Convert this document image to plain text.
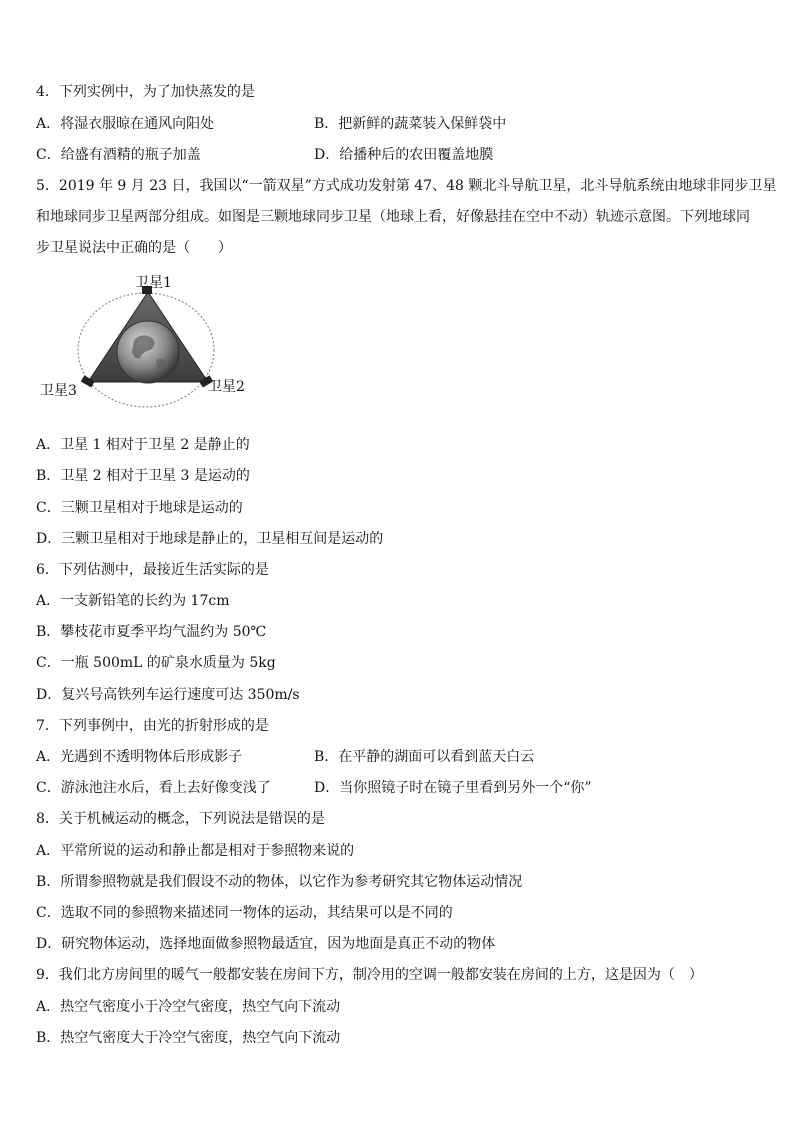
4．下列实例中，为了加快蒸发的是
A．将湿衣服晾在通风向阳处	B．把新鲜的蔬菜装入保鲜袋中
C．给盛有酒精的瓶子加盖	D．给播种后的农田覆盖地膜
5．2019 年 9 月 23 日，我国以“一箭双星”方式成功发射第 47、48 颗北斗导航卫星，北斗导航系统由地球非同步卫星
和地球同步卫星两部分组成。如图是三颗地球同步卫星（地球上看，好像悬挂在空中不动）轨迹示意图。下列地球同
步卫星说法中正确的是（　　）
卫星1
卫星2
卫星3
A．卫星 1 相对于卫星 2 是静止的
B．卫星 2 相对于卫星 3 是运动的
C．三颗卫星相对于地球是运动的
D．三颗卫星相对于地球是静止的，卫星相互间是运动的
6．下列估测中，最接近生活实际的是
A．一支新铅笔的长约为 17cm
B．攀枝花市夏季平均气温约为 50℃
C．一瓶 500mL 的矿泉水质量为 5kg
D．复兴号高铁列车运行速度可达 350m/s
7．下列事例中，由光的折射形成的是
A．光遇到不透明物体后形成影子	B．在平静的湖面可以看到蓝天白云
C．游泳池注水后，看上去好像变浅了	D．当你照镜子时在镜子里看到另外一个“你”
8．关于机械运动的概念，下列说法是错误的是
A．平常所说的运动和静止都是相对于参照物来说的
B．所谓参照物就是我们假设不动的物体，以它作为参考研究其它物体运动情况
C．选取不同的参照物来描述同一物体的运动，其结果可以是不同的
D．研究物体运动，选择地面做参照物最适宜，因为地面是真正不动的物体
9．我们北方房间里的暖气一般都安装在房间下方，制冷用的空调一般都安装在房间的上方，这是因为（　）
A．热空气密度小于冷空气密度，热空气向下流动
B．热空气密度大于冷空气密度，热空气向下流动
